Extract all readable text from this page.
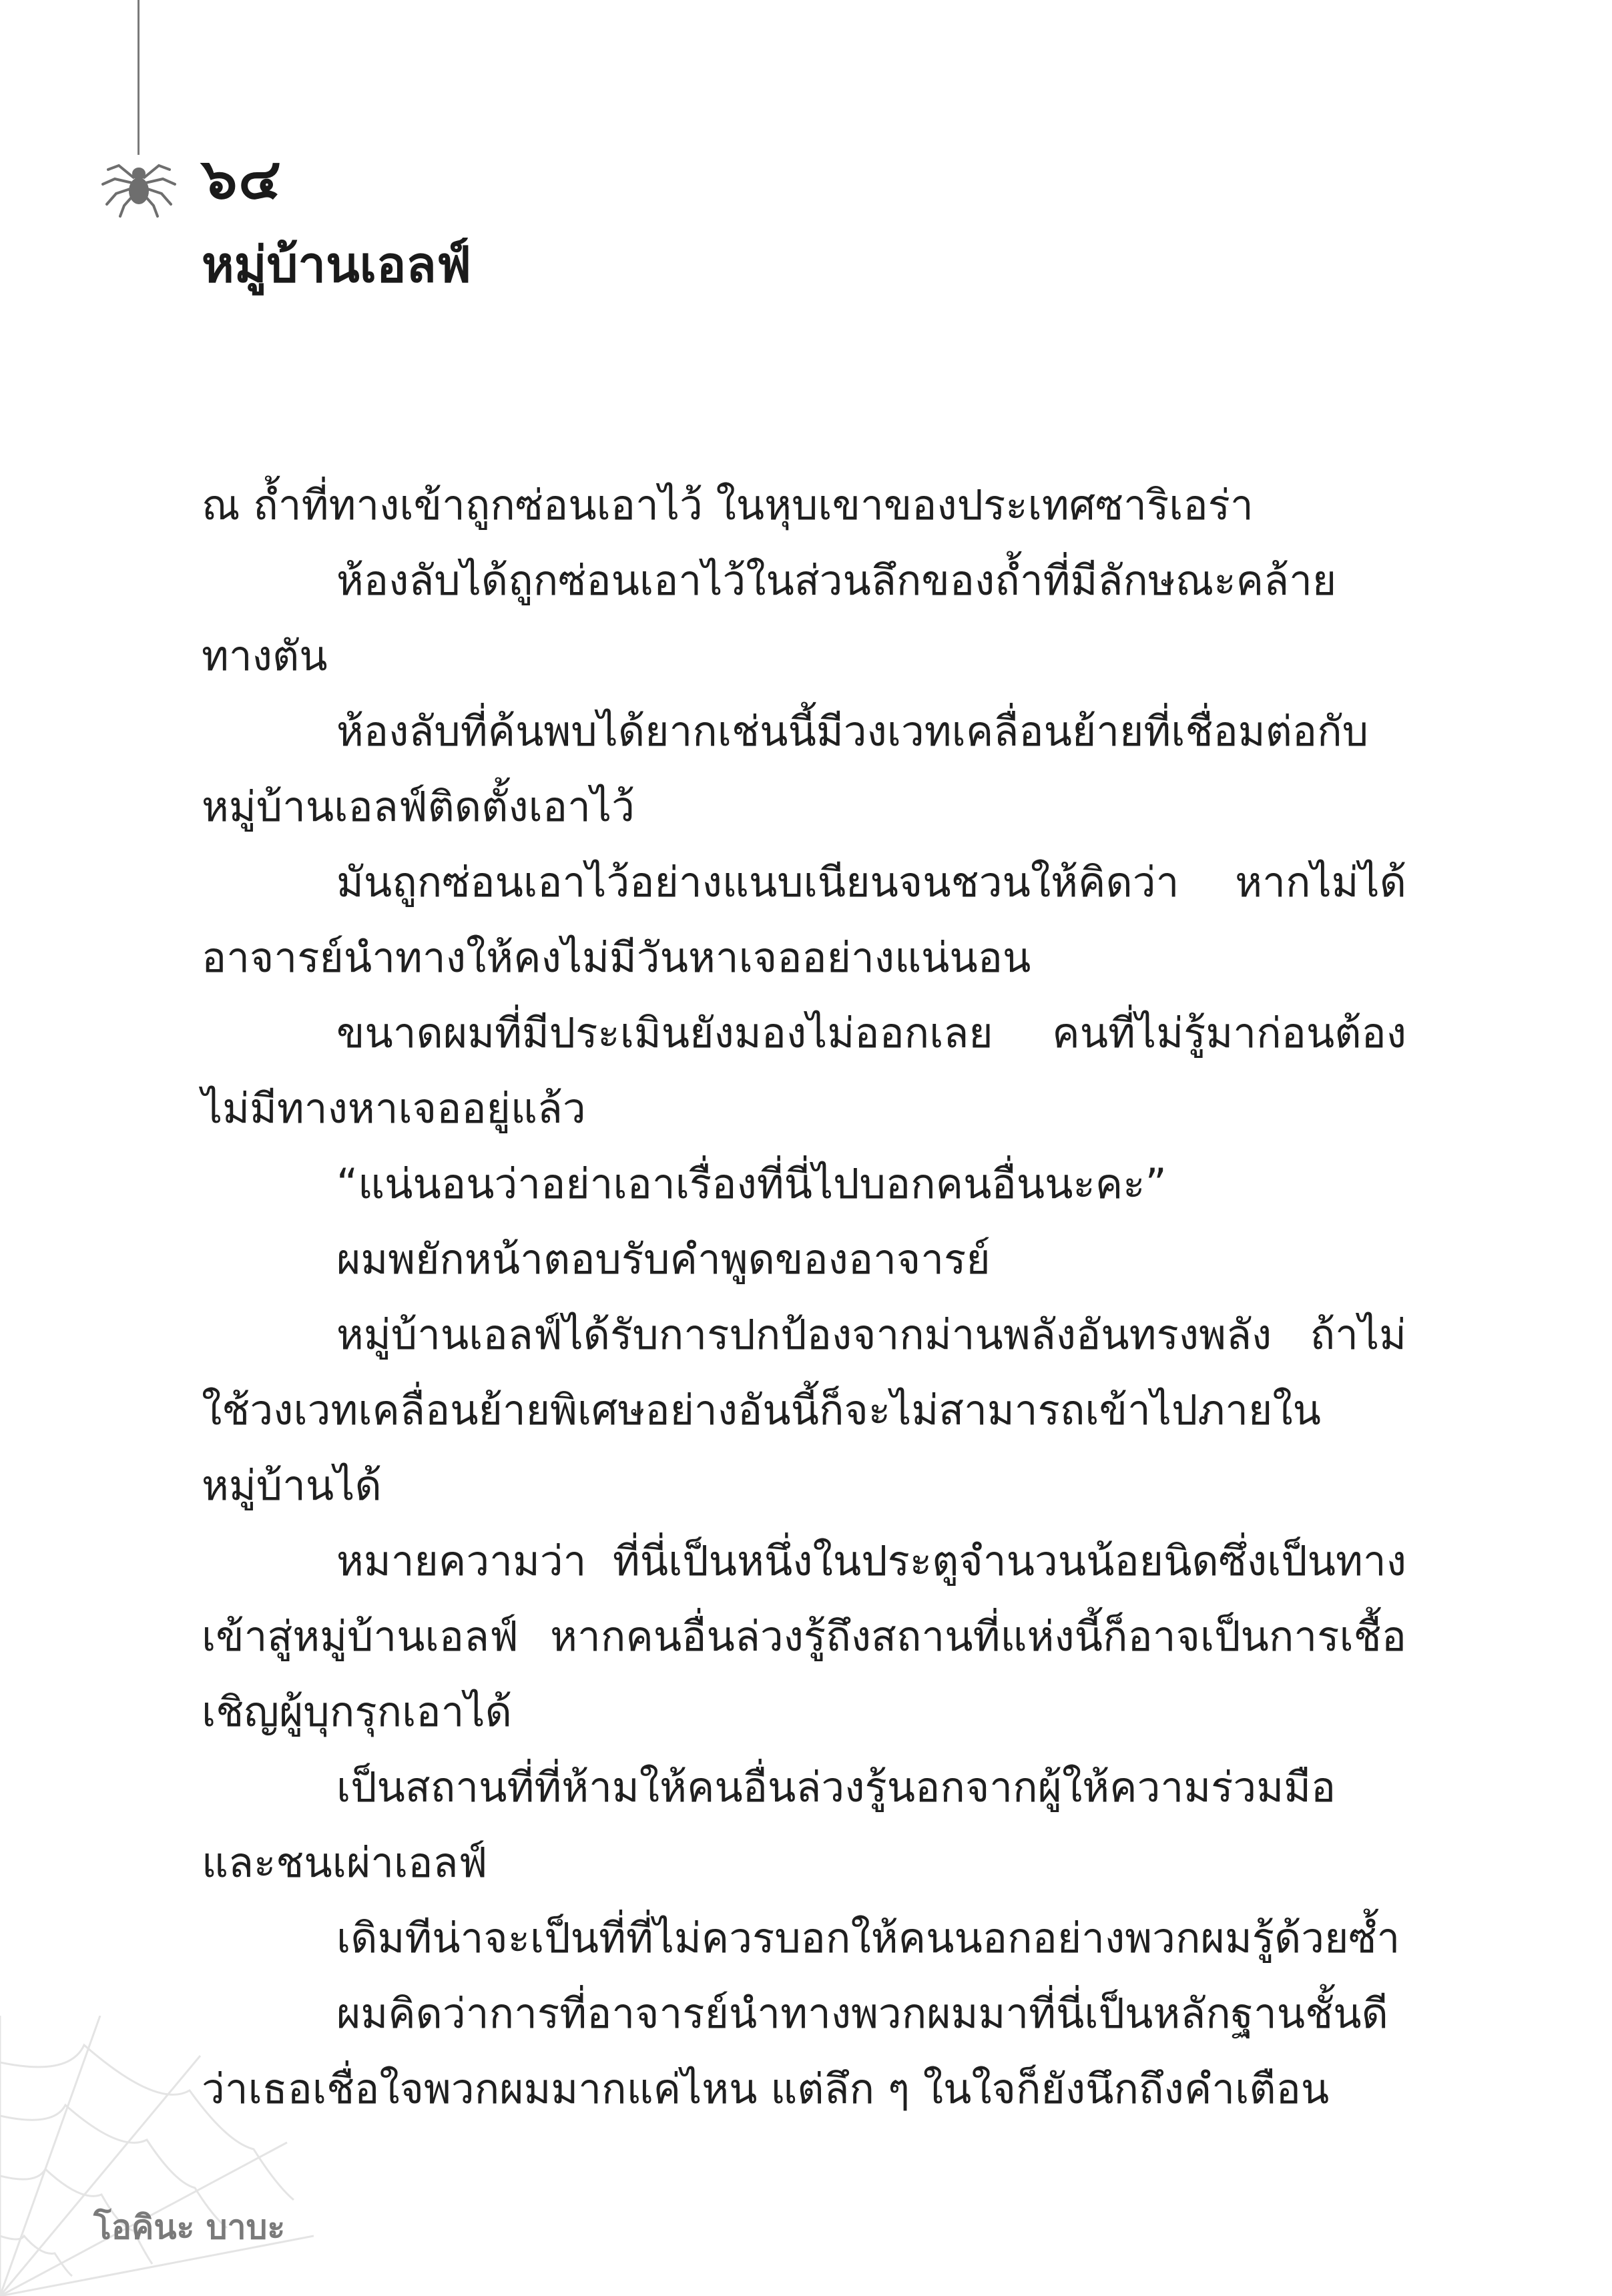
๖๔
หมู่บ้านเอลฟ์

ณ ถ้ำที่ทางเข้าถูกซ่อนเอาไว้ ในหุบเขาของประเทศซาริเอร่า

ห้องลับได้ถูกซ่อนเอาไว้ในส่วนลึกของถ้ำที่มีลักษณะคล้ายทางตัน

ห้องลับที่ค้นพบได้ยากเช่นนี้มีวงเวทเคลื่อนย้ายที่เชื่อมต่อกับหมู่บ้านเอลฟ์ติดตั้งเอาไว้

มันถูกซ่อนเอาไว้อย่างแนบเนียนจนชวนให้คิดว่า หากไม่ได้อาจารย์นำทางให้คงไม่มีวันหาเจออย่างแน่นอน

ขนาดผมที่มีประเมินยังมองไม่ออกเลย คนที่ไม่รู้มาก่อนต้องไม่มีทางหาเจออยู่แล้ว

“แน่นอนว่าอย่าเอาเรื่องที่นี่ไปบอกคนอื่นนะคะ”

ผมพยักหน้าตอบรับคำพูดของอาจารย์

หมู่บ้านเอลฟ์ได้รับการปกป้องจากม่านพลังอันทรงพลัง ถ้าไม่ใช้วงเวทเคลื่อนย้ายพิเศษอย่างอันนี้ก็จะไม่สามารถเข้าไปภายในหมู่บ้านได้

หมายความว่า ที่นี่เป็นหนึ่งในประตูจำนวนน้อยนิดซึ่งเป็นทางเข้าสู่หมู่บ้านเอลฟ์ หากคนอื่นล่วงรู้ถึงสถานที่แห่งนี้ก็อาจเป็นการเชื้อเชิญผู้บุกรุกเอาได้

เป็นสถานที่ที่ห้ามให้คนอื่นล่วงรู้นอกจากผู้ให้ความร่วมมือและชนเผ่าเอลฟ์

เดิมทีน่าจะเป็นที่ที่ไม่ควรบอกให้คนนอกอย่างพวกผมรู้ด้วยซ้ำ

ผมคิดว่าการที่อาจารย์นำทางพวกผมมาที่นี่เป็นหลักฐานชั้นดีว่าเธอเชื่อใจพวกผมมากแค่ไหน แต่ลึก ๆ ในใจก็ยังนึกถึงคำเตือน

โอคินะ บาบะ
